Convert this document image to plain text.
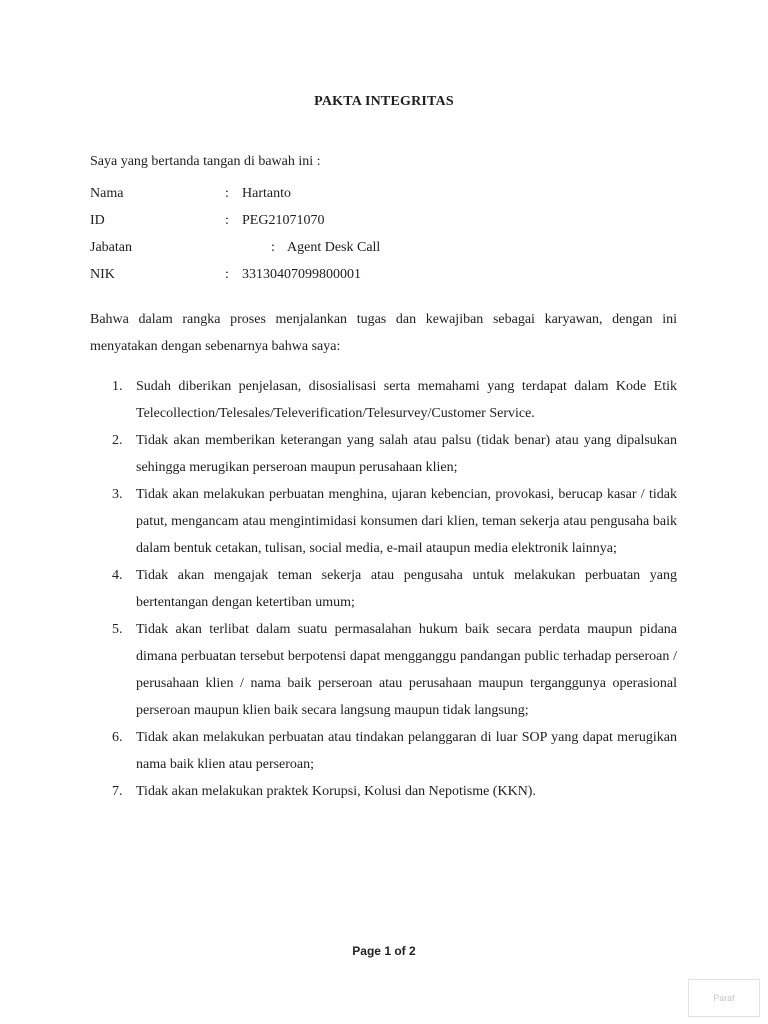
PAKTA INTEGRITAS
Saya yang bertanda tangan di bawah ini :
Nama	: Hartanto
ID	: PEG21071070
Jabatan	: Agent Desk Call
NIK	: 33130407099800001
Bahwa dalam rangka proses menjalankan tugas dan kewajiban sebagai karyawan, dengan ini menyatakan dengan sebenarnya bahwa saya:
1. Sudah diberikan penjelasan, disosialisasi serta memahami yang terdapat dalam Kode Etik Telecollection/Telesales/Televerification/Telesurvey/Customer Service.
2. Tidak akan memberikan keterangan yang salah atau palsu (tidak benar) atau yang dipalsukan sehingga merugikan perseroan maupun perusahaan klien;
3. Tidak akan melakukan perbuatan menghina, ujaran kebencian, provokasi, berucap kasar / tidak patut, mengancam atau mengintimidasi konsumen dari klien, teman sekerja atau pengusaha baik dalam bentuk cetakan, tulisan, social media, e-mail ataupun media elektronik lainnya;
4. Tidak akan mengajak teman sekerja atau pengusaha untuk melakukan perbuatan yang bertentangan dengan ketertiban umum;
5. Tidak akan terlibat dalam suatu permasalahan hukum baik secara perdata maupun pidana dimana perbuatan tersebut berpotensi dapat mengganggu pandangan public terhadap perseroan / perusahaan klien / nama baik perseroan atau perusahaan maupun terganggunya operasional perseroan maupun klien baik secara langsung maupun tidak langsung;
6. Tidak akan melakukan perbuatan atau tindakan pelanggaran di luar SOP yang dapat merugikan nama baik klien atau perseroan;
7. Tidak akan melakukan praktek Korupsi, Kolusi dan Nepotisme (KKN).
Page 1 of 2
Paraf
